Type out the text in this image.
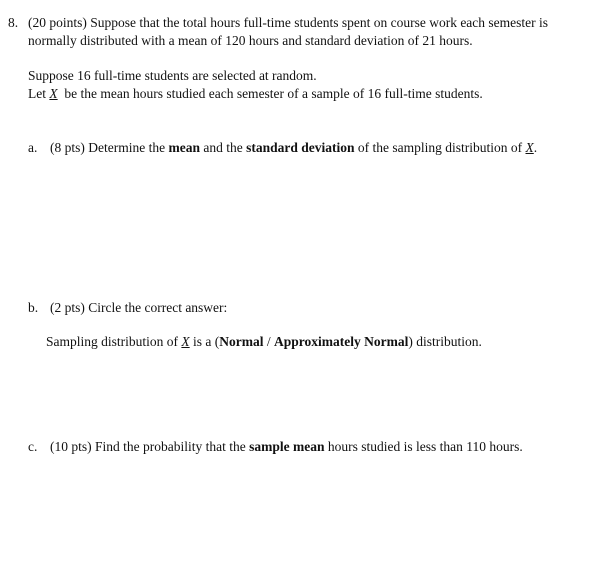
8. (20 points) Suppose that the total hours full-time students spent on course work each semester is
normally distributed with a mean of 120 hours and standard deviation of 21 hours.
Suppose 16 full-time students are selected at random.
Let X be the mean hours studied each semester of a sample of 16 full-time students.
a. (8 pts) Determine the mean and the standard deviation of the sampling distribution of X.
b. (2 pts) Circle the correct answer:
Sampling distribution of X is a (Normal / Approximately Normal) distribution.
c. (10 pts) Find the probability that the sample mean hours studied is less than 110 hours.
